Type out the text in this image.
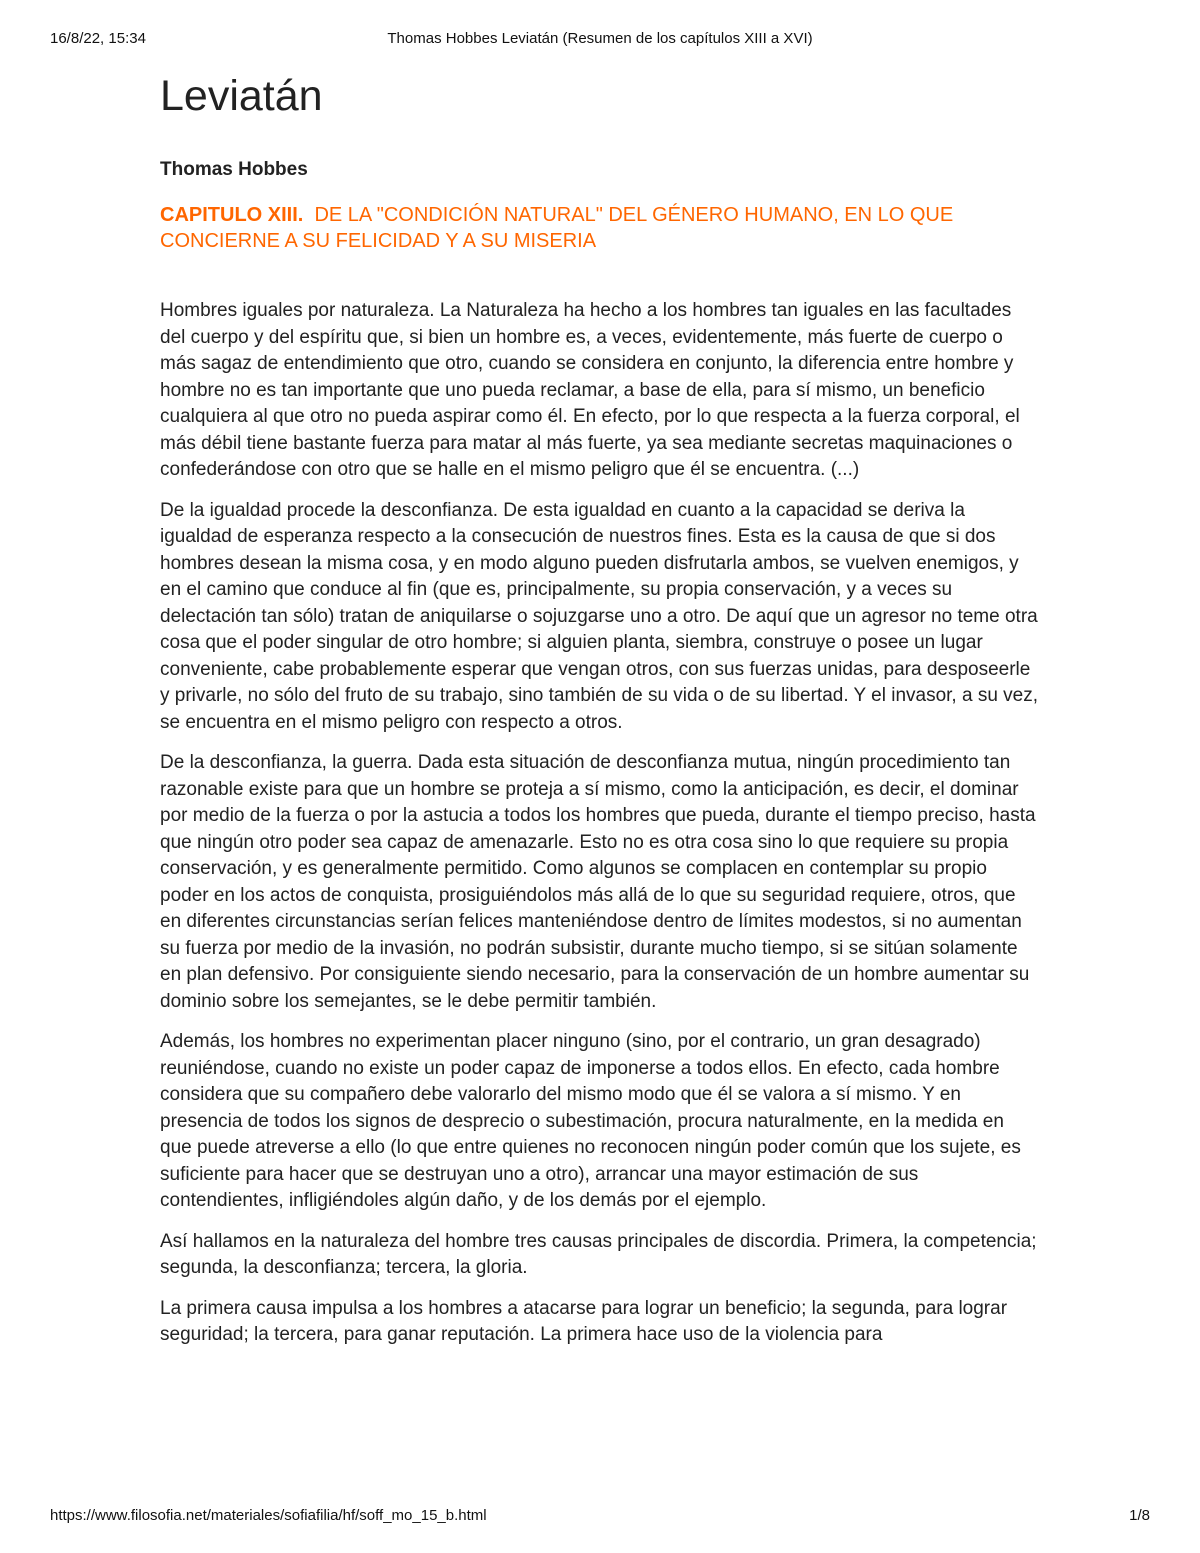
16/8/22, 15:34	Thomas Hobbes Leviatán (Resumen de los capítulos XIII a XVI)
Leviatán
Thomas Hobbes
CAPITULO XIII. DE LA "CONDICIÓN NATURAL" DEL GÉNERO HUMANO, EN LO QUE CONCIERNE A SU FELICIDAD Y A SU MISERIA

Hombres iguales por naturaleza. La Naturaleza ha hecho a los hombres tan iguales en las facultades del cuerpo y del espíritu que, si bien un hombre es, a veces, evidentemente, más fuerte de cuerpo o más sagaz de entendimiento que otro, cuando se considera en conjunto, la diferencia entre hombre y hombre no es tan importante que uno pueda reclamar, a base de ella, para sí mismo, un beneficio cualquiera al que otro no pueda aspirar como él. En efecto, por lo que respecta a la fuerza corporal, el más débil tiene bastante fuerza para matar al más fuerte, ya sea mediante secretas maquinaciones o confederándose con otro que se halle en el mismo peligro que él se encuentra. (...)

De la igualdad procede la desconfianza. De esta igualdad en cuanto a la capacidad se deriva la igualdad de esperanza respecto a la consecución de nuestros fines. Esta es la causa de que si dos hombres desean la misma cosa, y en modo alguno pueden disfrutarla ambos, se vuelven enemigos, y en el camino que conduce al fin (que es, principalmente, su propia conservación, y a veces su delectación tan sólo) tratan de aniquilarse o sojuzgarse uno a otro. De aquí que un agresor no teme otra cosa que el poder singular de otro hombre; si alguien planta, siembra, construye o posee un lugar conveniente, cabe probablemente esperar que vengan otros, con sus fuerzas unidas, para desposeerle y privarle, no sólo del fruto de su trabajo, sino también de su vida o de su libertad. Y el invasor, a su vez, se encuentra en el mismo peligro con respecto a otros.

De la desconfianza, la guerra. Dada esta situación de desconfianza mutua, ningún procedimiento tan razonable existe para que un hombre se proteja a sí mismo, como la anticipación, es decir, el dominar por medio de la fuerza o por la astucia a todos los hombres que pueda, durante el tiempo preciso, hasta que ningún otro poder sea capaz de amenazarle. Esto no es otra cosa sino lo que requiere su propia conservación, y es generalmente permitido. Como algunos se complacen en contemplar su propio poder en los actos de conquista, prosiguiéndolos más allá de lo que su seguridad requiere, otros, que en diferentes circunstancias serían felices manteniéndose dentro de límites modestos, si no aumentan su fuerza por medio de la invasión, no podrán subsistir, durante mucho tiempo, si se sitúan solamente en plan defensivo. Por consiguiente siendo necesario, para la conservación de un hombre aumentar su dominio sobre los semejantes, se le debe permitir también.

Además, los hombres no experimentan placer ninguno (sino, por el contrario, un gran desagrado) reuniéndose, cuando no existe un poder capaz de imponerse a todos ellos. En efecto, cada hombre considera que su compañero debe valorarlo del mismo modo que él se valora a sí mismo. Y en presencia de todos los signos de desprecio o subestimación, procura naturalmente, en la medida en que puede atreverse a ello (lo que entre quienes no reconocen ningún poder común que los sujete, es suficiente para hacer que se destruyan uno a otro), arrancar una mayor estimación de sus contendientes, infligiéndoles algún daño, y de los demás por el ejemplo.

Así hallamos en la naturaleza del hombre tres causas principales de discordia. Primera, la competencia; segunda, la desconfianza; tercera, la gloria.

La primera causa impulsa a los hombres a atacarse para lograr un beneficio; la segunda, para lograr seguridad; la tercera, para ganar reputación. La primera hace uso de la violencia para

https://www.filosofia.net/materiales/sofiafilia/hf/soff_mo_15_b.html	1/8
